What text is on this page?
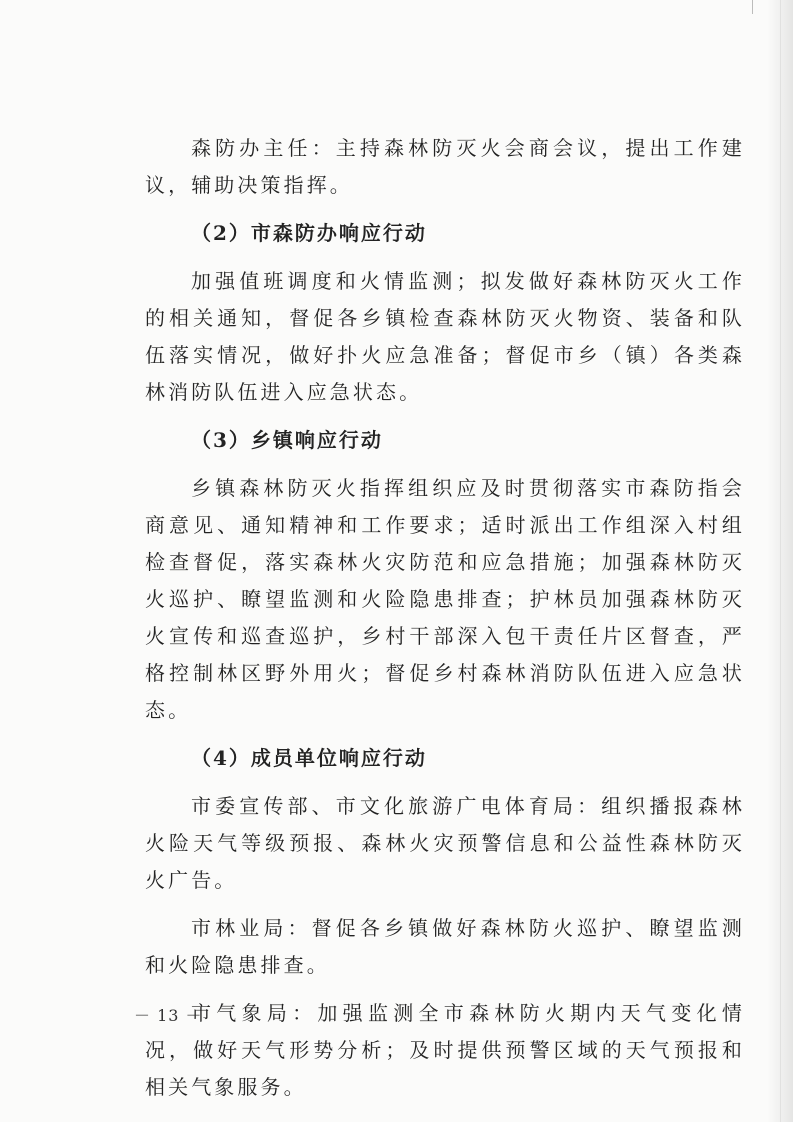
森防办主任：主持森林防灭火会商会议，提出工作建议，辅助决策指挥。

（2）市森防办响应行动

加强值班调度和火情监测；拟发做好森林防灭火工作的相关通知，督促各乡镇检查森林防灭火物资、装备和队伍落实情况，做好扑火应急准备；督促市乡（镇）各类森林消防队伍进入应急状态。

（3）乡镇响应行动

乡镇森林防灭火指挥组织应及时贯彻落实市森防指会商意见、通知精神和工作要求；适时派出工作组深入村组检查督促，落实森林火灾防范和应急措施；加强森林防灭火巡护、瞭望监测和火险隐患排查；护林员加强森林防灭火宣传和巡查巡护，乡村干部深入包干责任片区督查，严格控制林区野外用火；督促乡村森林消防队伍进入应急状态。

（4）成员单位响应行动

市委宣传部、市文化旅游广电体育局：组织播报森林火险天气等级预报、森林火灾预警信息和公益性森林防灭火广告。

市林业局：督促各乡镇做好森林防火巡护、瞭望监测和火险隐患排查。

市气象局：加强监测全市森林防火期内天气变化情况，做好天气形势分析；及时提供预警区域的天气预报和相关气象服务。

－ 13 －
